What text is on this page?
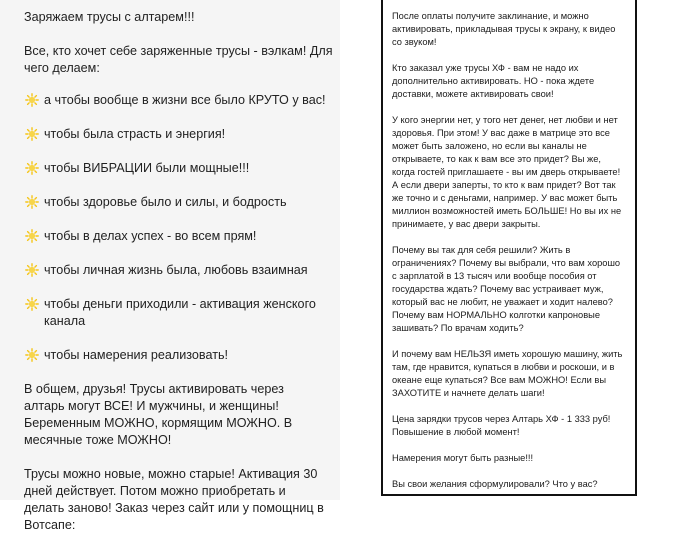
Заряжаем трусы с алтарем!!!

Все, кто хочет себе заряженные трусы - вэлкам! Для чего делаем:

а чтобы вообще в жизни все было КРУТО у вас!
чтобы была страсть и энергия!
чтобы ВИБРАЦИИ были мощные!!!
чтобы здоровье было и силы, и бодрость
чтобы в делах успех - во всем прям!
чтобы личная жизнь была, любовь взаимная
чтобы деньги приходили - активация женского канала
чтобы намерения реализовать!

В общем, друзья! Трусы активировать через алтарь могут ВСЕ! И мужчины, и женщины! Беременным МОЖНО, кормящим МОЖНО. В месячные тоже МОЖНО!

Трусы можно новые, можно старые! Активация 30 дней действует. Потом можно приобретать и делать заново! Заказ через сайт или у помощниц в Вотсапе:

После оплаты получите заклинание, и можно активировать, прикладывая трусы к экрану, к видео со звуком!

Кто заказал уже трусы ХФ - вам не надо их дополнительно активировать. НО - пока ждете доставки, можете активировать свои!

У кого энергии нет, у того нет денег, нет любви и нет здоровья. При этом! У вас даже в матрице это все может быть заложено, но если вы каналы не открываете, то как к вам все это придет? Вы же, когда гостей приглашаете - вы им дверь открываете! А если двери заперты, то кто к вам придет? Вот так же точно и с деньгами, например. У вас может быть миллион возможностей иметь БОЛЬШЕ! Но вы их не принимаете, у вас двери закрыты.

Почему вы так для себя решили? Жить в ограничениях? Почему вы выбрали, что вам хорошо с зарплатой в 13 тысяч или вообще пособия от государства ждать? Почему вас устраивает муж, который вас не любит, не уважает и ходит налево? Почему вам НОРМАЛЬНО колготки капроновые зашивать? По врачам ходить?

И почему вам НЕЛЬЗЯ иметь хорошую машину, жить там, где нравится, купаться в любви и роскоши, и в океане еще купаться? Все вам МОЖНО! Если вы ЗАХОТИТЕ и начнете делать шаги!

Цена зарядки трусов через Алтарь ХФ - 1 333 руб! Повышение в любой момент!

Намерения могут быть разные!!!

Вы свои желания сформулировали? Что у вас?
